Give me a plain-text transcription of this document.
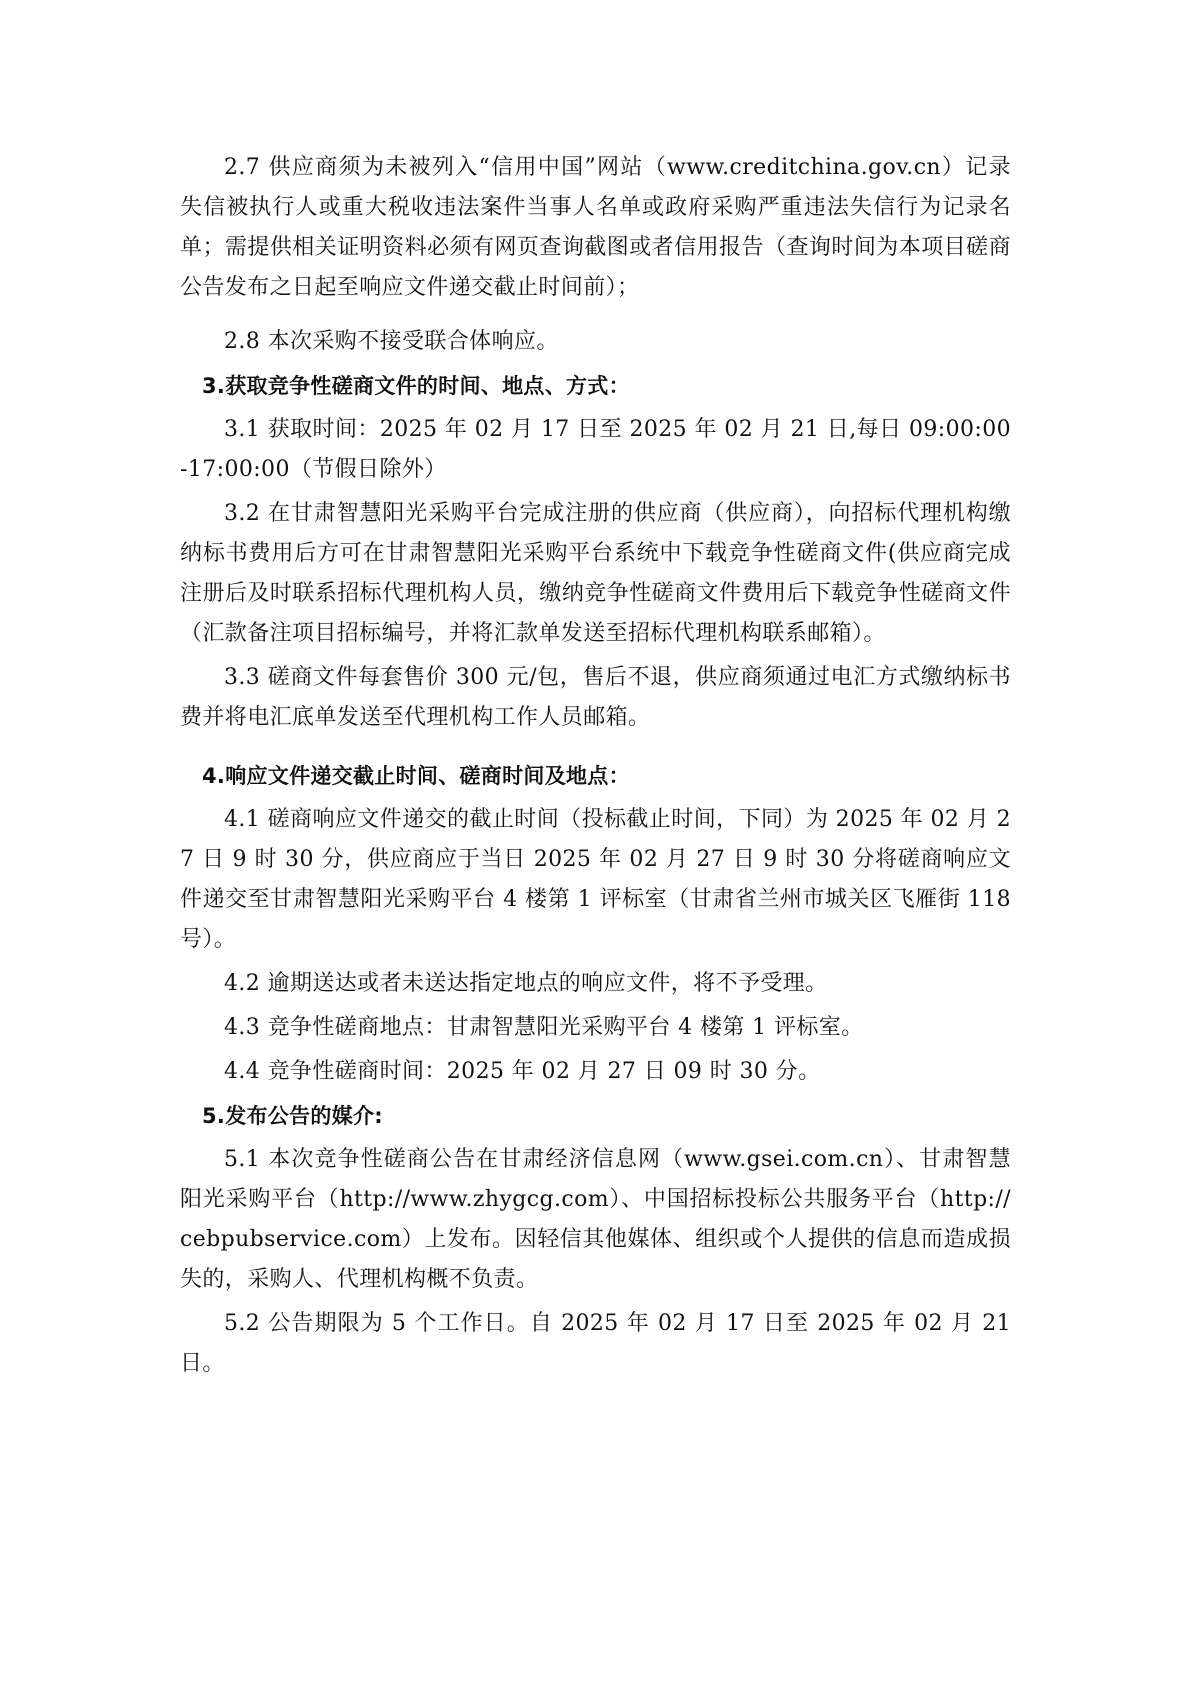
2.7 供应商须为未被列入“信用中国”网站（www.creditchina.gov.cn）记录失信被执行人或重大税收违法案件当事人名单或政府采购严重违法失信行为记录名单；需提供相关证明资料必须有网页查询截图或者信用报告（查询时间为本项目磋商公告发布之日起至响应文件递交截止时间前）；

2.8 本次采购不接受联合体响应。

3.获取竞争性磋商文件的时间、地点、方式：

3.1 获取时间：2025 年 02 月 17 日至 2025 年 02 月 21 日,每日 09:00:00-17:00:00（节假日除外）

3.2 在甘肃智慧阳光采购平台完成注册的供应商（供应商），向招标代理机构缴纳标书费用后方可在甘肃智慧阳光采购平台系统中下载竞争性磋商文件(供应商完成注册后及时联系招标代理机构人员，缴纳竞争性磋商文件费用后下载竞争性磋商文件（汇款备注项目招标编号，并将汇款单发送至招标代理机构联系邮箱）。

3.3 磋商文件每套售价 300 元/包，售后不退，供应商须通过电汇方式缴纳标书费并将电汇底单发送至代理机构工作人员邮箱。

4.响应文件递交截止时间、磋商时间及地点：

4.1 磋商响应文件递交的截止时间（投标截止时间，下同）为 2025 年 02 月 27 日 9 时 30 分，供应商应于当日 2025 年 02 月 27 日 9 时 30 分将磋商响应文件递交至甘肃智慧阳光采购平台 4 楼第 1 评标室（甘肃省兰州市城关区飞雁街 118 号）。

4.2 逾期送达或者未送达指定地点的响应文件，将不予受理。

4.3 竞争性磋商地点：甘肃智慧阳光采购平台 4 楼第 1 评标室。

4.4 竞争性磋商时间：2025 年 02 月 27 日 09 时 30 分。

5.发布公告的媒介:

5.1 本次竞争性磋商公告在甘肃经济信息网（www.gsei.com.cn）、甘肃智慧阳光采购平台（http://www.zhygcg.com）、中国招标投标公共服务平台（http://cebpubservice.com）上发布。因轻信其他媒体、组织或个人提供的信息而造成损失的，采购人、代理机构概不负责。

5.2 公告期限为 5 个工作日。自 2025 年 02 月 17 日至 2025 年 02 月 21 日。
